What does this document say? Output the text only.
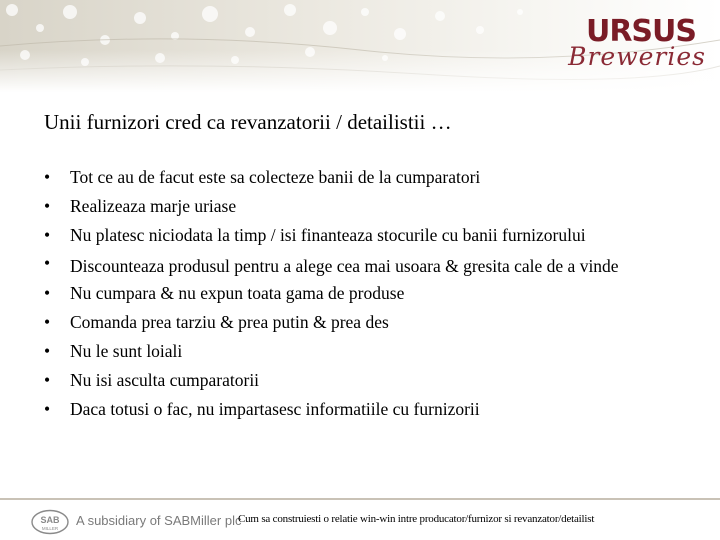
URSUS
Breweries
Unii furnizori cred ca revanzatorii / detailistii …
• Tot ce au de facut este sa colecteze banii de la cumparatori
• Realizeaza marje uriase
• Nu platesc niciodata la timp / isi finanteaza stocurile cu banii furnizorului
• Discounteaza produsul pentru a alege cea mai usoara & gresita cale de a vinde
• Nu cumpara & nu expun toata gama de produse
• Comanda prea tarziu & prea putin & prea des
• Nu le sunt loiali
• Nu isi asculta cumparatorii
• Daca totusi o fac, nu impartasesc informatiile cu furnizorii
SAB
MILLER
A subsidiary of SABMiller plc
Cum sa construiesti o relatie win-win intre producator/furnizor si revanzator/detailist
